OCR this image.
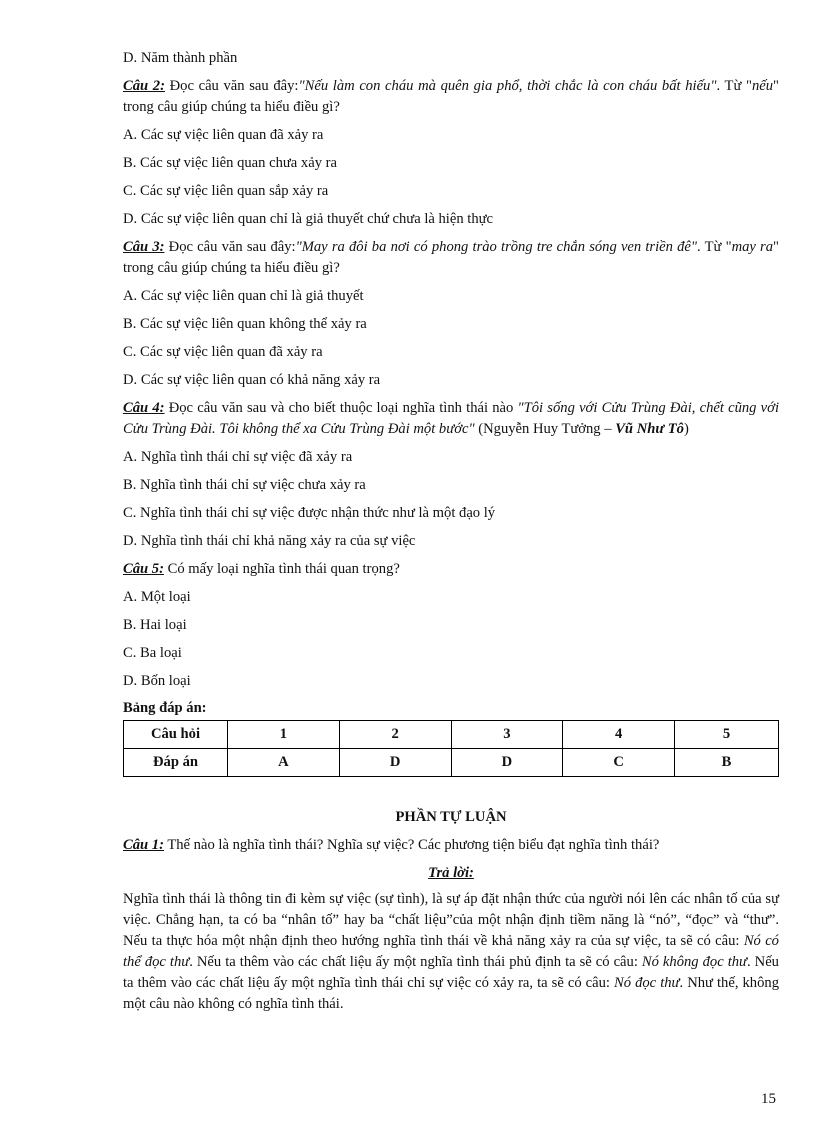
D. Năm thành phần
Câu 2: Đọc câu văn sau đây:"Nếu làm con cháu mà quên gia phổ, thời chắc là con cháu bất hiếu". Từ "nếu" trong câu giúp chúng ta hiểu điều gì?
A. Các sự việc liên quan đã xảy ra
B. Các sự việc liên quan chưa xảy ra
C. Các sự việc liên quan sắp xảy ra
D. Các sự việc liên quan chỉ là giả thuyết chứ chưa là hiện thực
Câu 3: Đọc câu văn sau đây:"May ra đôi ba nơi có phong trào trồng tre chắn sóng ven triền đê". Từ "may ra" trong câu giúp chúng ta hiểu điều gì?
A. Các sự việc liên quan chỉ là giả thuyết
B. Các sự việc liên quan không thể xảy ra
C. Các sự việc liên quan đã xảy ra
D. Các sự việc liên quan có khả năng xảy ra
Câu 4: Đọc câu văn sau và cho biết thuộc loại nghĩa tình thái nào "Tôi sống với Cửu Trùng Đài, chết cũng với Cửu Trùng Đài. Tôi không thể xa Cửu Trùng Đài một bước" (Nguyễn Huy Tưởng – Vũ Như Tô)
A. Nghĩa tình thái chỉ sự việc đã xảy ra
B. Nghĩa tình thái chỉ sự việc chưa xảy ra
C. Nghĩa tình thái chỉ sự việc được nhận thức như là một đạo lý
D. Nghĩa tình thái chỉ khả năng xảy ra của sự việc
Câu 5: Có mấy loại nghĩa tình thái quan trọng?
A. Một loại
B. Hai loại
C. Ba loại
D. Bốn loại
Bảng đáp án:
Câu hỏi	1	2	3	4	5
Đáp án	A	D	D	C	B
PHẦN TỰ LUẬN
Câu 1: Thế nào là nghĩa tình thái? Nghĩa sự việc? Các phương tiện biểu đạt nghĩa tình thái?
Trả lời:
Nghĩa tình thái là thông tin đi kèm sự việc (sự tình), là sự áp đặt nhận thức của người nói lên các nhân tố của sự việc. Chẳng hạn, ta có ba “nhân tố” hay ba “chất liệu”của một nhận định tiềm năng là “nó”, “đọc” và “thư”. Nếu ta thực hóa một nhận định theo hướng nghĩa tình thái về khả năng xảy ra của sự việc, ta sẽ có câu: Nó có thể đọc thư. Nếu ta thêm vào các chất liệu ấy một nghĩa tình thái phủ định ta sẽ có câu: Nó không đọc thư. Nếu ta thêm vào các chất liệu ấy một nghĩa tình thái chỉ sự việc có xảy ra, ta sẽ có câu: Nó đọc thư. Như thế, không một câu nào không có nghĩa tình thái.
15
